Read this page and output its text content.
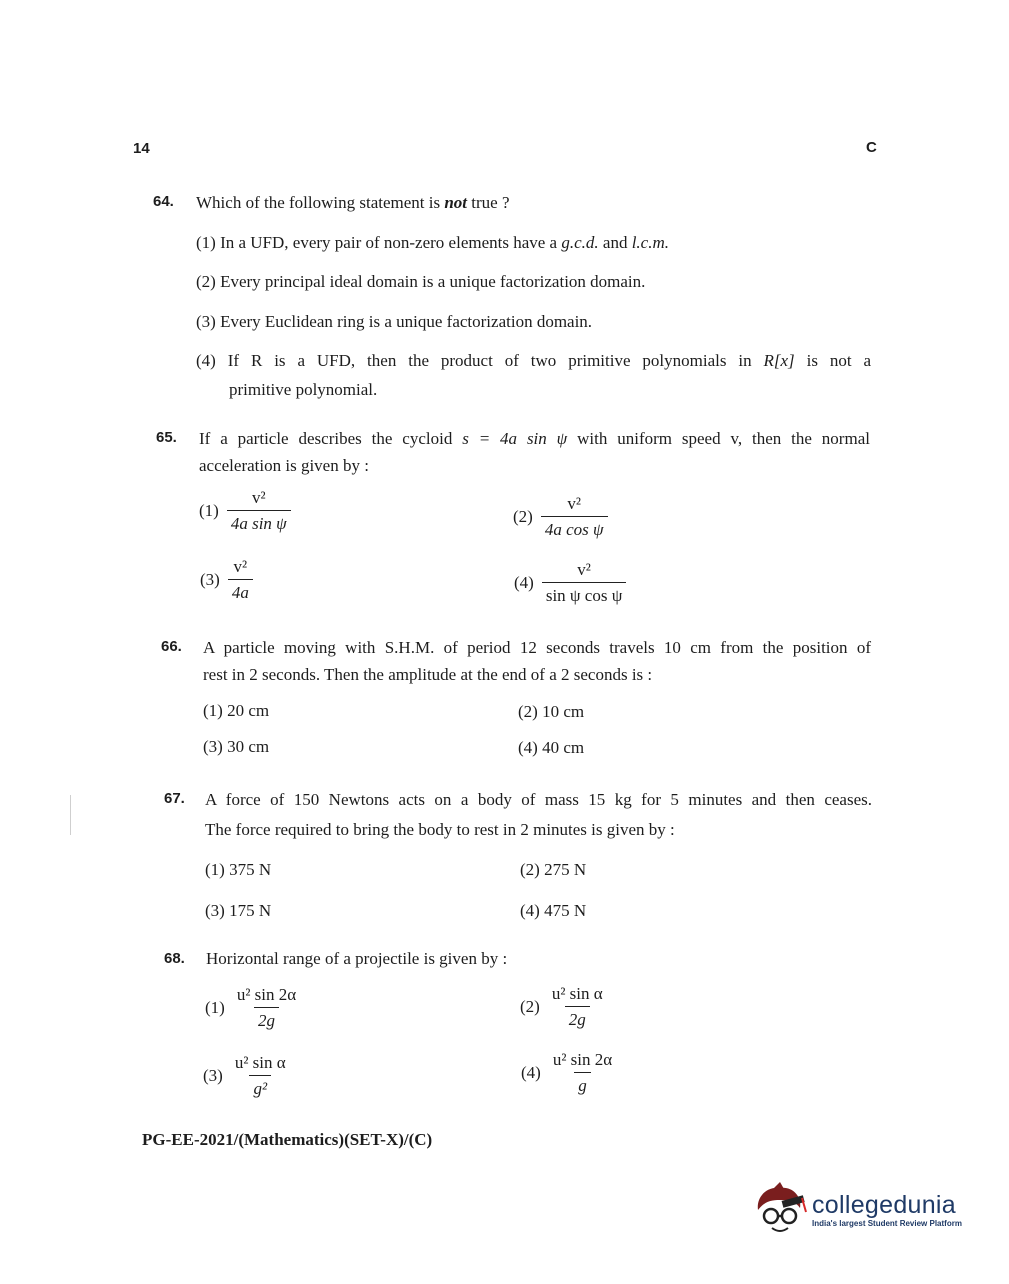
14	C
64. Which of the following statement is not true ?
(1) In a UFD, every pair of non-zero elements have a g.c.d. and l.c.m.
(2) Every principal ideal domain is a unique factorization domain.
(3) Every Euclidean ring is a unique factorization domain.
(4) If R is a UFD, then the product of two primitive polynomials in R[x] is not a
primitive polynomial.
65. If a particle describes the cycloid s = 4a sin ψ with uniform speed v, then the normal
acceleration is given by :
$(1) \frac{\text{v²}}{\text{4a sin ψ}}$	$(2) \frac{\text{v²}}{\text{4a cos ψ}}$
$(3) \frac{\text{v²}}{4a}$	$(4) \frac{\text{v²}}{\text{sin ψ cos ψ}}$
66. A particle moving with S.H.M. of period 12 seconds travels 10 cm from the position of
rest in 2 seconds. Then the amplitude at the end of a 2 seconds is :
(1) 20 cm	(2) 10 cm
(3) 30 cm	(4) 40 cm
67. A force of 150 Newtons acts on a body of mass 15 kg for 5 minutes and then ceases.
The force required to bring the body to rest in 2 minutes is given by :
(1) 375 N	(2) 275 N
(3) 175 N	(4) 475 N
68. Horizontal range of a projectile is given by :
$(1) \frac{\text{u² sin 2α}}{2g}$	$(2) \frac{\text{u² sin α}}{2g}$
$(3) \frac{\text{u² sin α}}{\text{g²}}$	$(4) \frac{\text{u² sin 2α}}{g}$
PG-EE-2021/(Mathematics)(SET-X)/(C)
collegedunia
India's largest Student Review Platform
